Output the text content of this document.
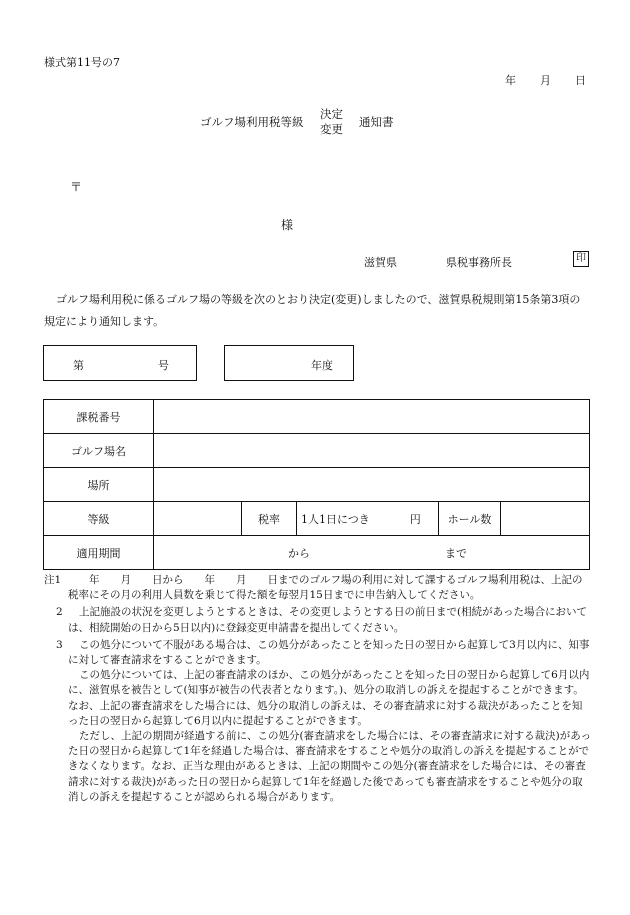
様式第11号の7
年 月 日
ゴルフ場利用税等級
決定
変更 通知書
〒
様
滋賀県	県税事務所長	印
ゴルフ場利用税に係るゴルフ場の等級を次のとおり決定(変更)しましたので、滋賀県税規則第15条第3項の規定により通知します。
第	号	年度
課税番号					
ゴルフ場名					
場所					
等級		税率	1人1日につき 円	ホール数	
適用期間	から まで				
注1 　　年　　月　　日から　　年　　月　　日までのゴルフ場の利用に対して課するゴルフ場利用税は、上記の税率にその月の利用人員数を乗じて得た額を毎翌月15日までに申告納入してください。

2	上記施設の状況を変更しようとするときは、その変更しようとする日の前日まで(相続があった場合においては、相続開始の日から5日以内)に登録変更申請書を提出してください。

3	この処分について不服がある場合は、この処分があったことを知った日の翌日から起算して3月以内に、知事に対して審査請求をすることができます。

この処分については、上記の審査請求のほか、この処分があったことを知った日の翌日から起算して6月以内に、滋賀県を被告として(知事が被告の代表者となります。)、処分の取消しの訴えを提起することができます。なお、上記の審査請求をした場合には、処分の取消しの訴えは、その審査請求に対する裁決があったことを知った日の翌日から起算して6月以内に提起することができます。

ただし、上記の期間が経過する前に、この処分(審査請求をした場合には、その審査請求に対する裁決)があった日の翌日から起算して1年を経過した場合は、審査請求をすることや処分の取消しの訴えを提起することができなくなります。なお、正当な理由があるときは、上記の期間やこの処分(審査請求をした場合には、その審査請求に対する裁決)があった日の翌日から起算して1年を経過した後であっても審査請求をすることや処分の取消しの訴えを提起することが認められる場合があります。
